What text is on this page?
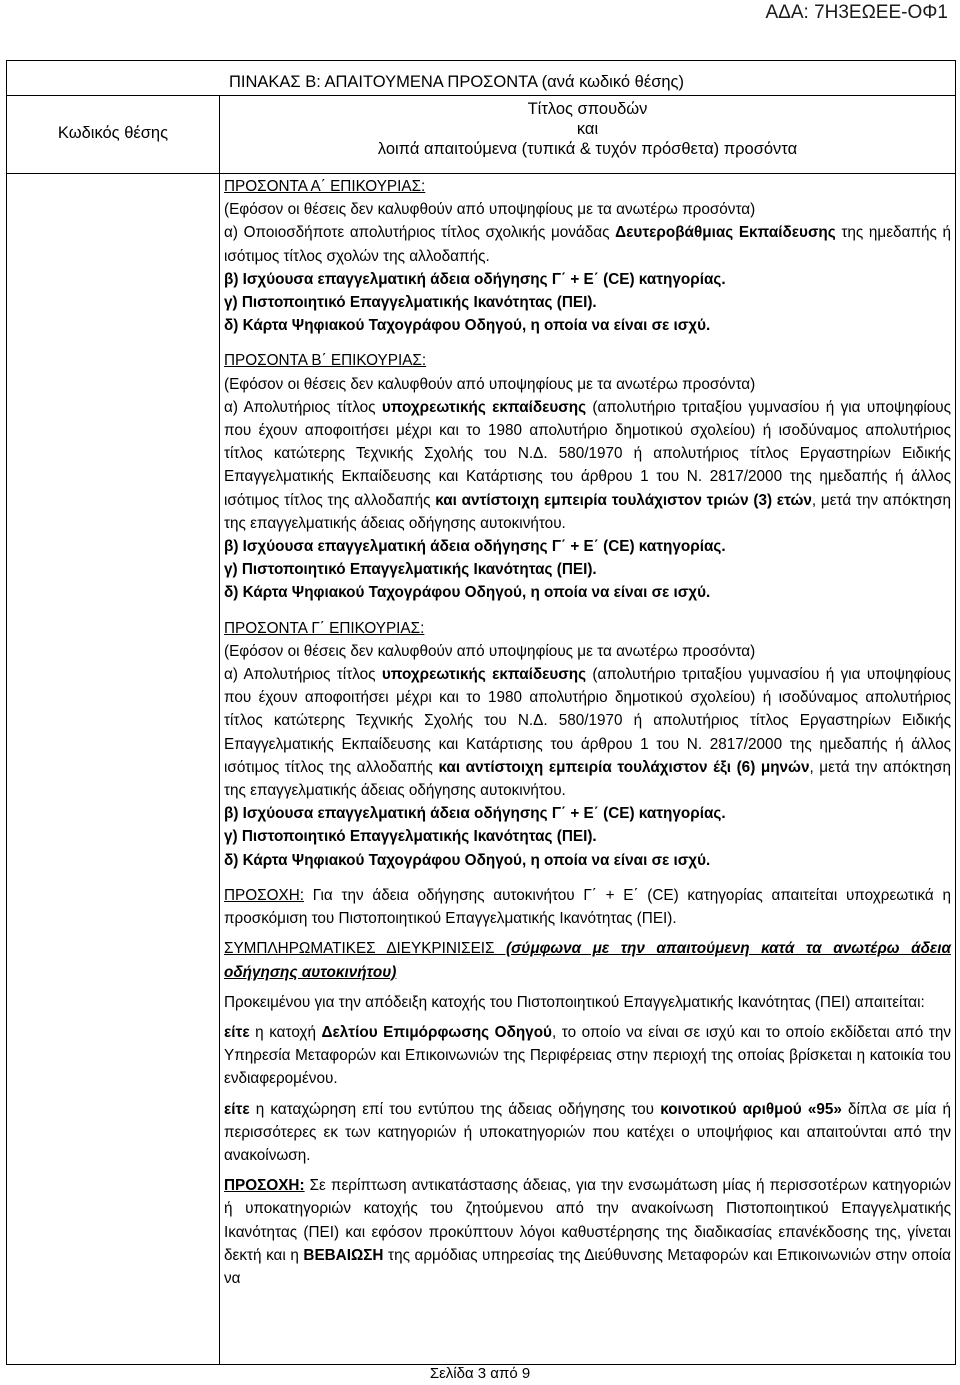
ΑΔΑ: 7Η3ΕΩΕΕ-ΟΦ1
ΠΙΝΑΚΑΣ Β: ΑΠΑΙΤΟΥΜΕΝΑ ΠΡΟΣΟΝΤΑ (ανά κωδικό θέσης)
Κωδικός θέσης
Τίτλος σπουδών
και
λοιπά απαιτούμενα (τυπικά & τυχόν πρόσθετα) προσόντα

ΠΡΟΣΟΝΤΑ Α΄ ΕΠΙΚΟΥΡΙΑΣ:

(Εφόσον οι θέσεις δεν καλυφθούν από υποψηφίους με τα ανωτέρω προσόντα)

α) Οποιοσδήποτε απολυτήριος τίτλος σχολικής μονάδας Δευτεροβάθμιας Εκπαίδευσης της ημεδαπής ή ισότιμος τίτλος σχολών της αλλοδαπής.

β) Ισχύουσα επαγγελματική άδεια οδήγησης Γ΄ + Ε΄ (CE) κατηγορίας.

γ) Πιστοποιητικό Επαγγελματικής Ικανότητας (ΠΕΙ).

δ) Κάρτα Ψηφιακού Ταχογράφου Οδηγού, η οποία να είναι σε ισχύ.

ΠΡΟΣΟΝΤΑ Β΄ ΕΠΙΚΟΥΡΙΑΣ:

(Εφόσον οι θέσεις δεν καλυφθούν από υποψηφίους με τα ανωτέρω προσόντα)

α) Απολυτήριος τίτλος υποχρεωτικής εκπαίδευσης (απολυτήριο τριταξίου γυμνασίου ή για υποψηφίους που έχουν αποφοιτήσει μέχρι και το 1980 απολυτήριο δημοτικού σχολείου) ή ισοδύναμος απολυτήριος τίτλος κατώτερης Τεχνικής Σχολής του Ν.Δ. 580/1970 ή απολυτήριος τίτλος Εργαστηρίων Ειδικής Επαγγελματικής Εκπαίδευσης και Κατάρτισης του άρθρου 1 του Ν. 2817/2000 της ημεδαπής ή άλλος ισότιμος τίτλος της αλλοδαπής και αντίστοιχη εμπειρία τουλάχιστον τριών (3) ετών, μετά την απόκτηση της επαγγελματικής άδειας οδήγησης αυτοκινήτου.

β) Ισχύουσα επαγγελματική άδεια οδήγησης Γ΄ + Ε΄ (CE) κατηγορίας.

γ) Πιστοποιητικό Επαγγελματικής Ικανότητας (ΠΕΙ).

δ) Κάρτα Ψηφιακού Ταχογράφου Οδηγού, η οποία να είναι σε ισχύ.

ΠΡΟΣΟΝΤΑ Γ΄ ΕΠΙΚΟΥΡΙΑΣ:

(Εφόσον οι θέσεις δεν καλυφθούν από υποψηφίους με τα ανωτέρω προσόντα)

α) Απολυτήριος τίτλος υποχρεωτικής εκπαίδευσης (απολυτήριο τριταξίου γυμνασίου ή για υποψηφίους που έχουν αποφοιτήσει μέχρι και το 1980 απολυτήριο δημοτικού σχολείου) ή ισοδύναμος απολυτήριος τίτλος κατώτερης Τεχνικής Σχολής του Ν.Δ. 580/1970 ή απολυτήριος τίτλος Εργαστηρίων Ειδικής Επαγγελματικής Εκπαίδευσης και Κατάρτισης του άρθρου 1 του Ν. 2817/2000 της ημεδαπής ή άλλος ισότιμος τίτλος της αλλοδαπής και αντίστοιχη εμπειρία τουλάχιστον έξι (6) μηνών, μετά την απόκτηση της επαγγελματικής άδειας οδήγησης αυτοκινήτου.

β) Ισχύουσα επαγγελματική άδεια οδήγησης Γ΄ + Ε΄ (CE) κατηγορίας.

γ) Πιστοποιητικό Επαγγελματικής Ικανότητας (ΠΕΙ).

δ) Κάρτα Ψηφιακού Ταχογράφου Οδηγού, η οποία να είναι σε ισχύ.

ΠΡΟΣΟΧΗ: Για την άδεια οδήγησης αυτοκινήτου Γ΄ + Ε΄ (CE) κατηγορίας απαιτείται υποχρεωτικά η προσκόμιση του Πιστοποιητικού Επαγγελματικής Ικανότητας (ΠΕΙ).

ΣΥΜΠΛΗΡΩΜΑΤΙΚΕΣ ΔΙΕΥΚΡΙΝΙΣΕΙΣ (σύμφωνα με την απαιτούμενη κατά τα ανωτέρω άδεια οδήγησης αυτοκινήτου)

Προκειμένου για την απόδειξη κατοχής του Πιστοποιητικού Επαγγελματικής Ικανότητας (ΠΕΙ) απαιτείται:

είτε η κατοχή Δελτίου Επιμόρφωσης Οδηγού, το οποίο να είναι σε ισχύ και το οποίο εκδίδεται από την Υπηρεσία Μεταφορών και Επικοινωνιών της Περιφέρειας στην περιοχή της οποίας βρίσκεται η κατοικία του ενδιαφερομένου.

είτε η καταχώρηση επί του εντύπου της άδειας οδήγησης του κοινοτικού αριθμού «95» δίπλα σε μία ή περισσότερες εκ των κατηγοριών ή υποκατηγοριών που κατέχει ο υποψήφιος και απαιτούνται από την ανακοίνωση.

ΠΡΟΣΟΧΗ: Σε περίπτωση αντικατάστασης άδειας, για την ενσωμάτωση μίας ή περισσοτέρων κατηγοριών ή υποκατηγοριών κατοχής του ζητούμενου από την ανακοίνωση Πιστοποιητικού Επαγγελματικής Ικανότητας (ΠΕΙ) και εφόσον προκύπτουν λόγοι καθυστέρησης της διαδικασίας επανέκδοσης της, γίνεται δεκτή και η ΒΕΒΑΙΩΣΗ της αρμόδιας υπηρεσίας της Διεύθυνσης Μεταφορών και Επικοινωνιών στην οποία να

Σελίδα 3 από 9
